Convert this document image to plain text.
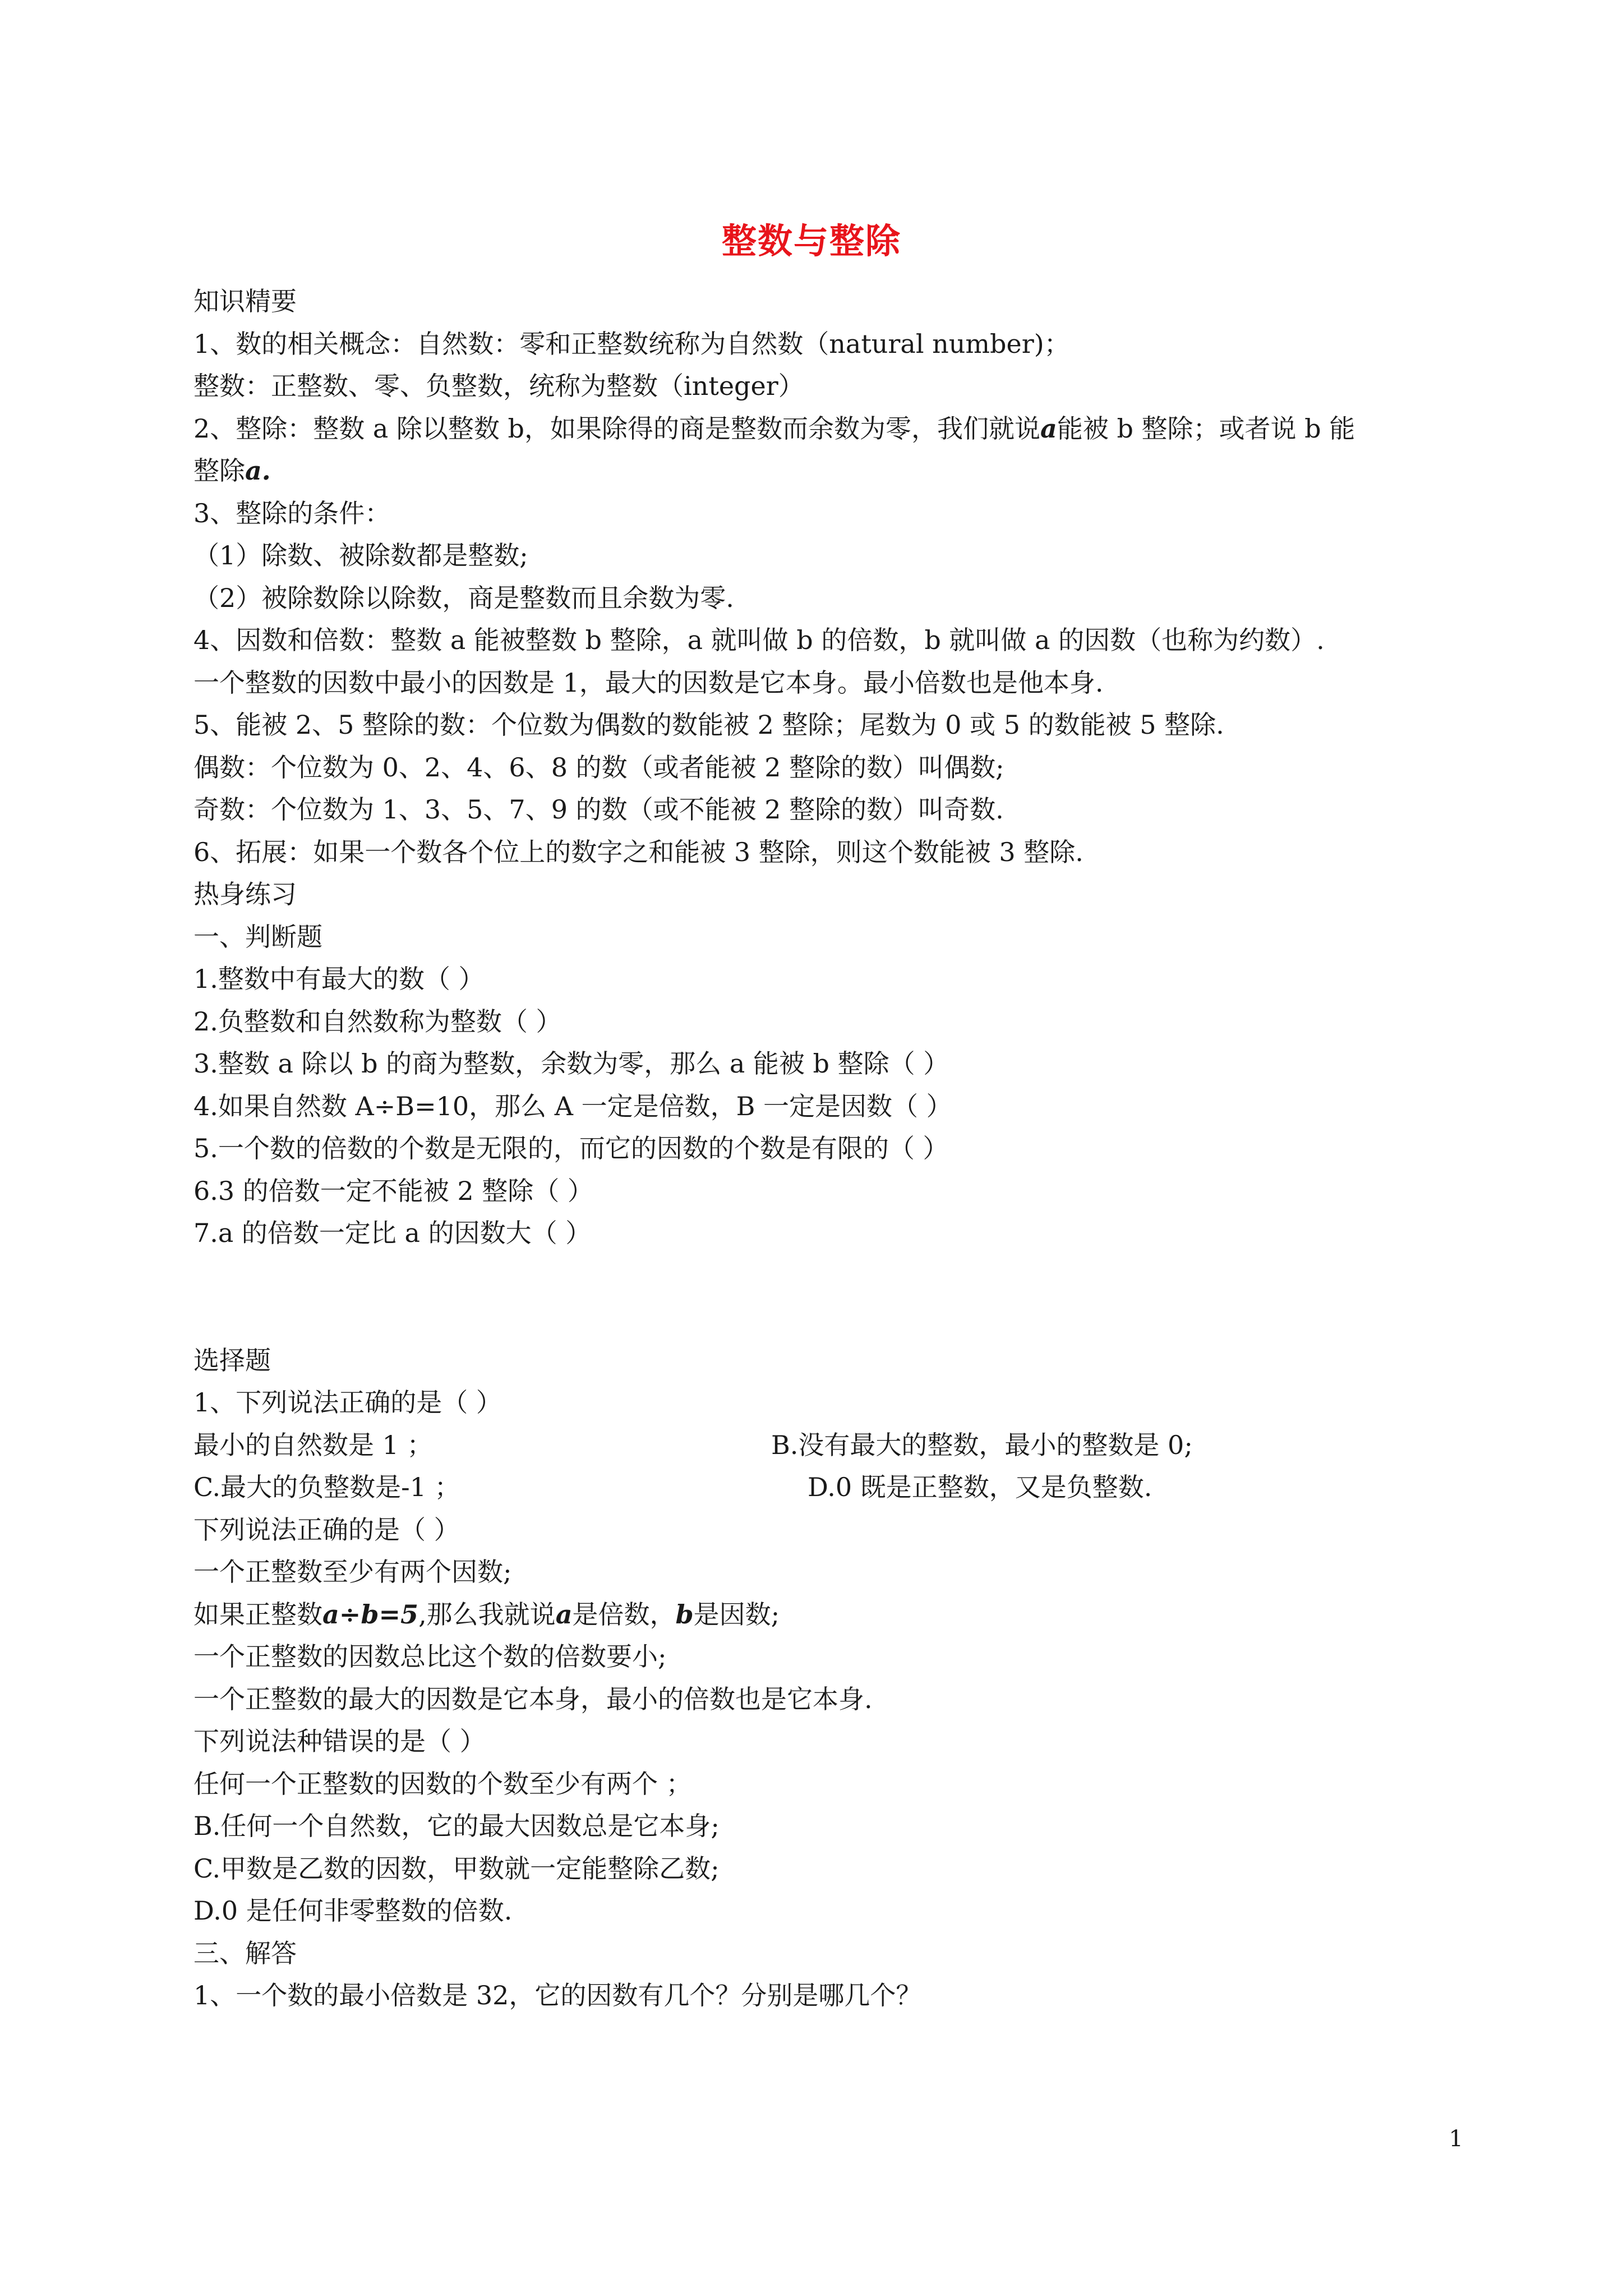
整数与整除
知识精要
1、数的相关概念：自然数：零和正整数统称为自然数（natural number)；
整数：正整数、零、负整数，统称为整数（integer）
2、整除：整数 a 除以整数 b，如果除得的商是整数而余数为零，我们就说a能被 b 整除；或者说 b 能
整除a.
3、整除的条件：
（1）除数、被除数都是整数;
（2）被除数除以除数，商是整数而且余数为零.
4、因数和倍数：整数 a 能被整数 b 整除，a 就叫做 b 的倍数，b 就叫做 a 的因数（也称为约数）.
一个整数的因数中最小的因数是 1，最大的因数是它本身。最小倍数也是他本身.
5、能被 2、5 整除的数：个位数为偶数的数能被 2 整除；尾数为 0 或 5 的数能被 5 整除.
偶数：个位数为 0、2、4、6、8 的数（或者能被 2 整除的数）叫偶数;
奇数：个位数为 1、3、5、7、9 的数（或不能被 2 整除的数）叫奇数.
6、拓展：如果一个数各个位上的数字之和能被 3 整除，则这个数能被 3 整除.
热身练习
一、判断题
1.整数中有最大的数（ ）
2.负整数和自然数称为整数（ ）
3.整数 a 除以 b 的商为整数，余数为零，那么 a 能被 b 整除（ ）
4.如果自然数 A÷B=10，那么 A 一定是倍数，B 一定是因数（ ）
5.一个数的倍数的个数是无限的，而它的因数的个数是有限的（ ）
6.3 的倍数一定不能被 2 整除（ ）
7.a 的倍数一定比 a 的因数大（ ）
选择题
1、下列说法正确的是（ ）
最小的自然数是 1 ；	B.没有最大的整数，最小的整数是 0;
C.最大的负整数是-1 ；	D.0 既是正整数，又是负整数.
下列说法正确的是（ ）
一个正整数至少有两个因数;
如果正整数a÷b=5,那么我就说a是倍数，b是因数;
一个正整数的因数总比这个数的倍数要小;
一个正整数的最大的因数是它本身，最小的倍数也是它本身.
下列说法种错误的是（ ）
任何一个正整数的因数的个数至少有两个 ；
B.任何一个自然数，它的最大因数总是它本身;
C.甲数是乙数的因数，甲数就一定能整除乙数;
D.0 是任何非零整数的倍数.
三、解答
1、一个数的最小倍数是 32，它的因数有几个？分别是哪几个？
1
